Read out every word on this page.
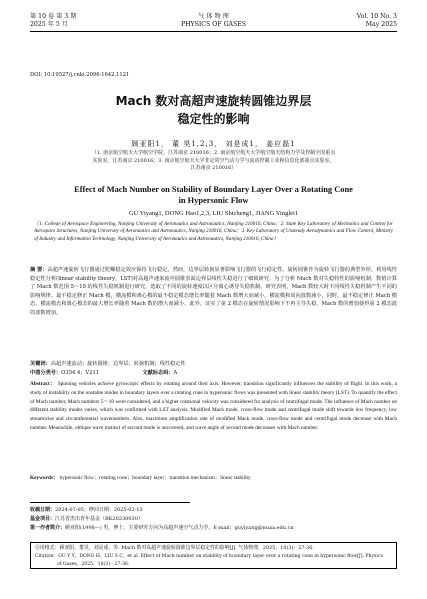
第 10 卷 第 3 期
2025 年 5 月
气 体 物 理
PHYSICS OF GASES
Vol. 10 No. 3
May 2025
DOI: 10.19527/j.cnki.2096-1642.1121
Mach 数对高超声速旋转圆锥边界层
稳定性的影响
顾亚阳1， 董 昊1,2,3， 刘是成1， 姜应磊1
（1. 南京航空航天大学航空学院，江苏南京 210016；2. 南京航空航天大学航空航天结构力学及控制全国重点
实验室，江苏南京 210016；3. 南京航空航天大学非定常空气动力学与流动控制工业和信息化部重点实验室，
江苏南京 210016）
Effect of Mach Number on Stability of Boundary Layer Over a Rotating Cone
in Hypersonic Flow
GU Yiyang1, DONG Hao1,2,3, LIU Shicheng1, JIANG Yinglei1
（1. College of Aerospace Engineering, Nanjing University of Aeronautics and Astronautics, Nanjing 210016, China；2. State Key Laboratory of Mechanics and Control for Aerospace Structures, Nanjing University of Aeronautics and Astronautics, Nanjing 210016, China；3. Key Laboratory of Unsteady Aerodynamics and Flow Control, Ministry of Industry and Information Technology, Nanjing University of Aeronautics and Astronautics, Nanjing 210016, China）
摘 要：高超声速旋转飞行器通过陀螺稳定效应保持飞行稳定。然而，边界层转捩显著影响飞行器的飞行稳定性。旋转圆锥作为旋转飞行器的典型外形，利用线性稳定性分析(linear stability theory，LST)对高超声速来流中圆锥表面边界层线性失稳进行了细致研究。为了分析 Mach 数对失稳特性的影响机制，数值计算了 Mach 数范围 5～10 的线性失稳机制进行研究，选取了不同的旋转速度以区分离心诱导失稳机制。研究表明，Mach 数较大时不同线性失稳机制产生不同的影响规律。最不稳定修正 Mach 模，横流模和离心模的最不稳定模态增长率随着 Mach 数增大而减小，横流模和周向波数减小，同时，最不稳定修正 Mach 模态、横流模态和离心模态的最大增长率随着 Mach 数的增大而减小。此外，证实了第 2 模态在旋转情况影响下不再主导失稳，Mach 数的增加使得第 2 模态波的波数增加。
关键词：高超声速流动；旋转圆锥；边界层；转捩机制；线性稳定性
中图分类号：O354.4；V211	文献标志码：A
Abstract： Spinning vehicles achieve gyroscopic effects by rotating around their axis. However, transition significantly influences the stability of flight. In this work, a study of instability on the unstable modes in boundary layers over a rotating cone in hypersonic flows was presented with linear stability theory (LST). To quantify the effect of Mach number, Mach numbers 5～10 were considered, and a higher rotational velocity was considered for analysis of centrifugal mode. The influence of Mach number on different stability modes varies, which was confirmed with LST analysis. Modified Mack mode, cross-flow mode and centrifugal mode shift towards low frequency, low streamwise and circumferential wavenumbers. Also, maximum amplification rate of modified Mack mode, cross-flow mode and centrifugal mode decrease with Mach number. Meanwhile, oblique wave instinct of second mode is uncovered, and wave angle of second mode decreases with Mach number.
Keywords： hypersonic flow；rotating cone；boundary layer；transition mechanism；linear stability
收稿日期：2024-07-05；修回日期：2025-02-13
基金项目：江苏省杰出青年基金（BK20230030）
第一作者简介：顾亚阳(1998—) 男，博士，主要研究方向为高超声速空气动力学。E-mail：guyiyang@nuaa.edu.cn
引用格式：顾亚阳，董昊，刘是成，等. Mach 数对高超声速旋转圆锥边界层稳定性的影响[J]. 气体物理，2025，10(3)：27-36.
Citation：GU Y Y，DONG H，LIU S C，et al. Effect of Mach number on stability of boundary layer over a rotating cone in hypersonic flow[J]. Physics
of Gases，2025，10(3)：27-36.
